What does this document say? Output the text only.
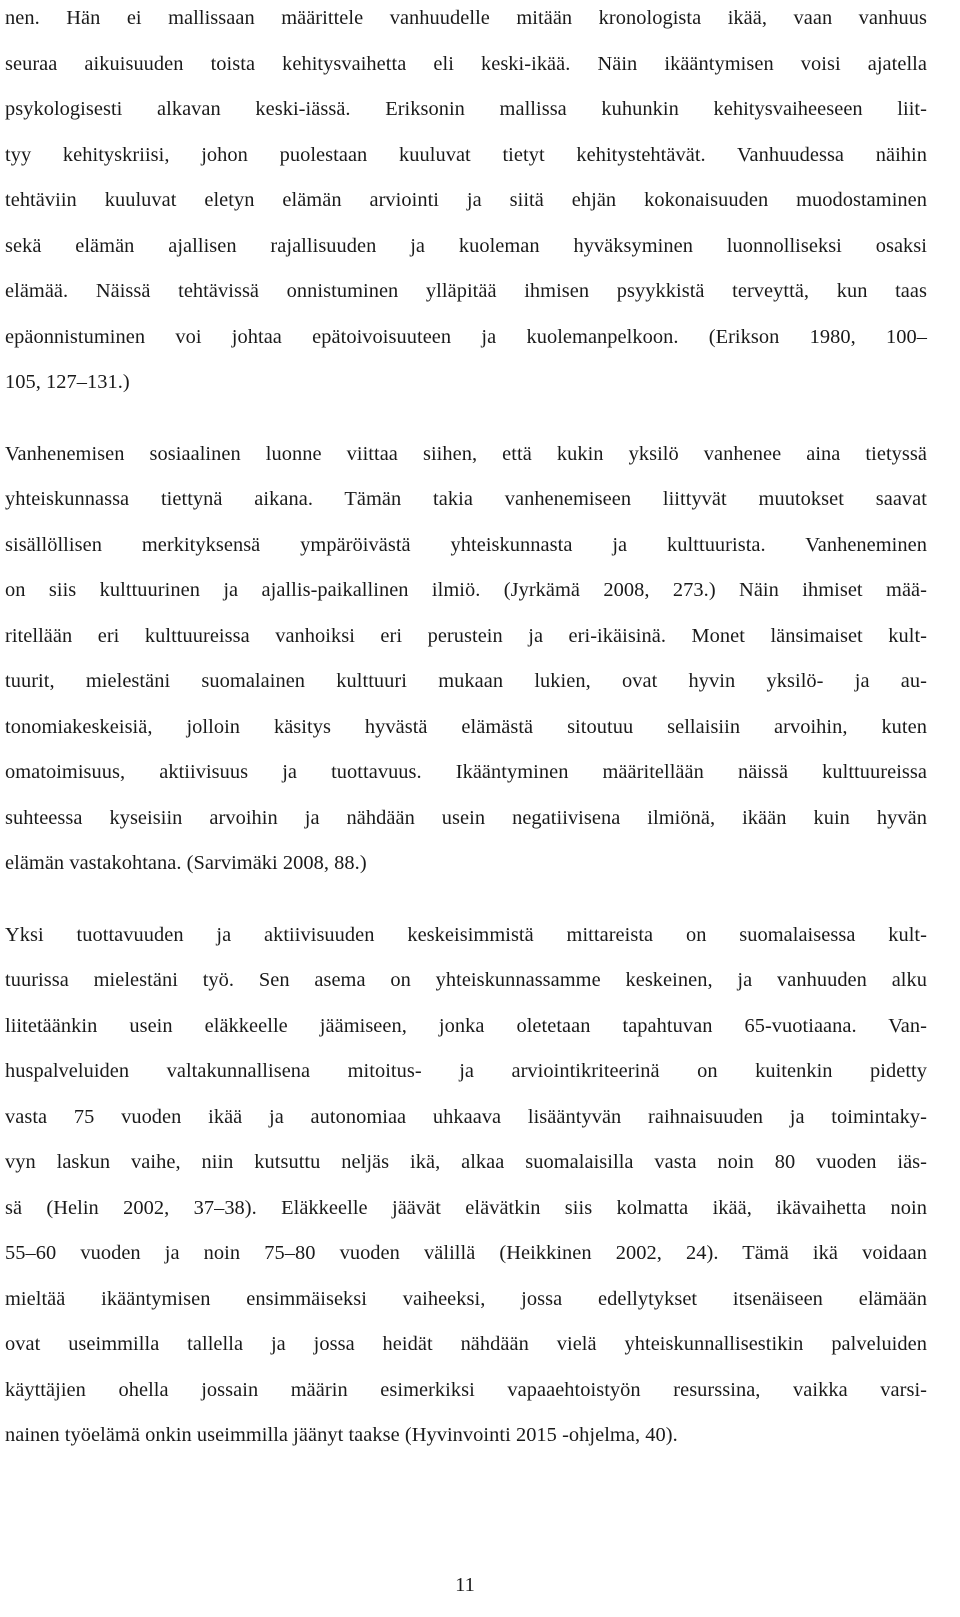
nen. Hän ei mallissaan määrittele vanhuudelle mitään kronologista ikää, vaan vanhuus
seuraa aikuisuuden toista kehitysvaihetta eli keski-ikää. Näin ikääntymisen voisi ajatella
psykologisesti alkavan keski-iässä. Eriksonin mallissa kuhunkin kehitysvaiheeseen liit-
tyy kehityskriisi, johon puolestaan kuuluvat tietyt kehitystehtävät. Vanhuudessa näihin
tehtäviin kuuluvat eletyn elämän arviointi ja siitä ehjän kokonaisuuden muodostaminen
sekä elämän ajallisen rajallisuuden ja kuoleman hyväksyminen luonnolliseksi osaksi
elämää. Näissä tehtävissä onnistuminen ylläpitää ihmisen psyykkistä terveyttä, kun taas
epäonnistuminen voi johtaa epätoivoisuuteen ja kuolemanpelkoon. (Erikson 1980, 100–
105, 127–131.)
Vanhenemisen sosiaalinen luonne viittaa siihen, että kukin yksilö vanhenee aina tietyssä
yhteiskunnassa tiettynä aikana. Tämän takia vanhenemiseen liittyvät muutokset saavat
sisällöllisen merkityksensä ympäröivästä yhteiskunnasta ja kulttuurista. Vanheneminen
on siis kulttuurinen ja ajallis-paikallinen ilmiö. (Jyrkämä 2008, 273.) Näin ihmiset mää-
ritellään eri kulttuureissa vanhoiksi eri perustein ja eri-ikäisinä. Monet länsimaiset kult-
tuurit, mielestäni suomalainen kulttuuri mukaan lukien, ovat hyvin yksilö- ja au-
tonomiakeskeisiä, jolloin käsitys hyvästä elämästä sitoutuu sellaisiin arvoihin, kuten
omatoimisuus, aktiivisuus ja tuottavuus. Ikääntyminen määritellään näissä kulttuureissa
suhteessa kyseisiin arvoihin ja nähdään usein negatiivisena ilmiönä, ikään kuin hyvän
elämän vastakohtana. (Sarvimäki 2008, 88.)
Yksi tuottavuuden ja aktiivisuuden keskeisimmistä mittareista on suomalaisessa kult-
tuurissa mielestäni työ. Sen asema on yhteiskunnassamme keskeinen, ja vanhuuden alku
liitetäänkin usein eläkkeelle jäämiseen, jonka oletetaan tapahtuvan 65-vuotiaana. Van-
huspalveluiden valtakunnallisena mitoitus- ja arviointikriteerinä on kuitenkin pidetty
vasta 75 vuoden ikää ja autonomiaa uhkaava lisääntyvän raihnaisuuden ja toimintaky-
vyn laskun vaihe, niin kutsuttu neljäs ikä, alkaa suomalaisilla vasta noin 80 vuoden iäs-
sä (Helin 2002, 37–38). Eläkkeelle jäävät elävätkin siis kolmatta ikää, ikävaihetta noin
55–60 vuoden ja noin 75–80 vuoden välillä (Heikkinen 2002, 24). Tämä ikä voidaan
mieltää ikääntymisen ensimmäiseksi vaiheeksi, jossa edellytykset itsenäiseen elämään
ovat useimmilla tallella ja jossa heidät nähdään vielä yhteiskunnallisestikin palveluiden
käyttäjien ohella jossain määrin esimerkiksi vapaaehtoistyön resurssina, vaikka varsi-
nainen työelämä onkin useimmilla jäänyt taakse (Hyvinvointi 2015 -ohjelma, 40).
11
